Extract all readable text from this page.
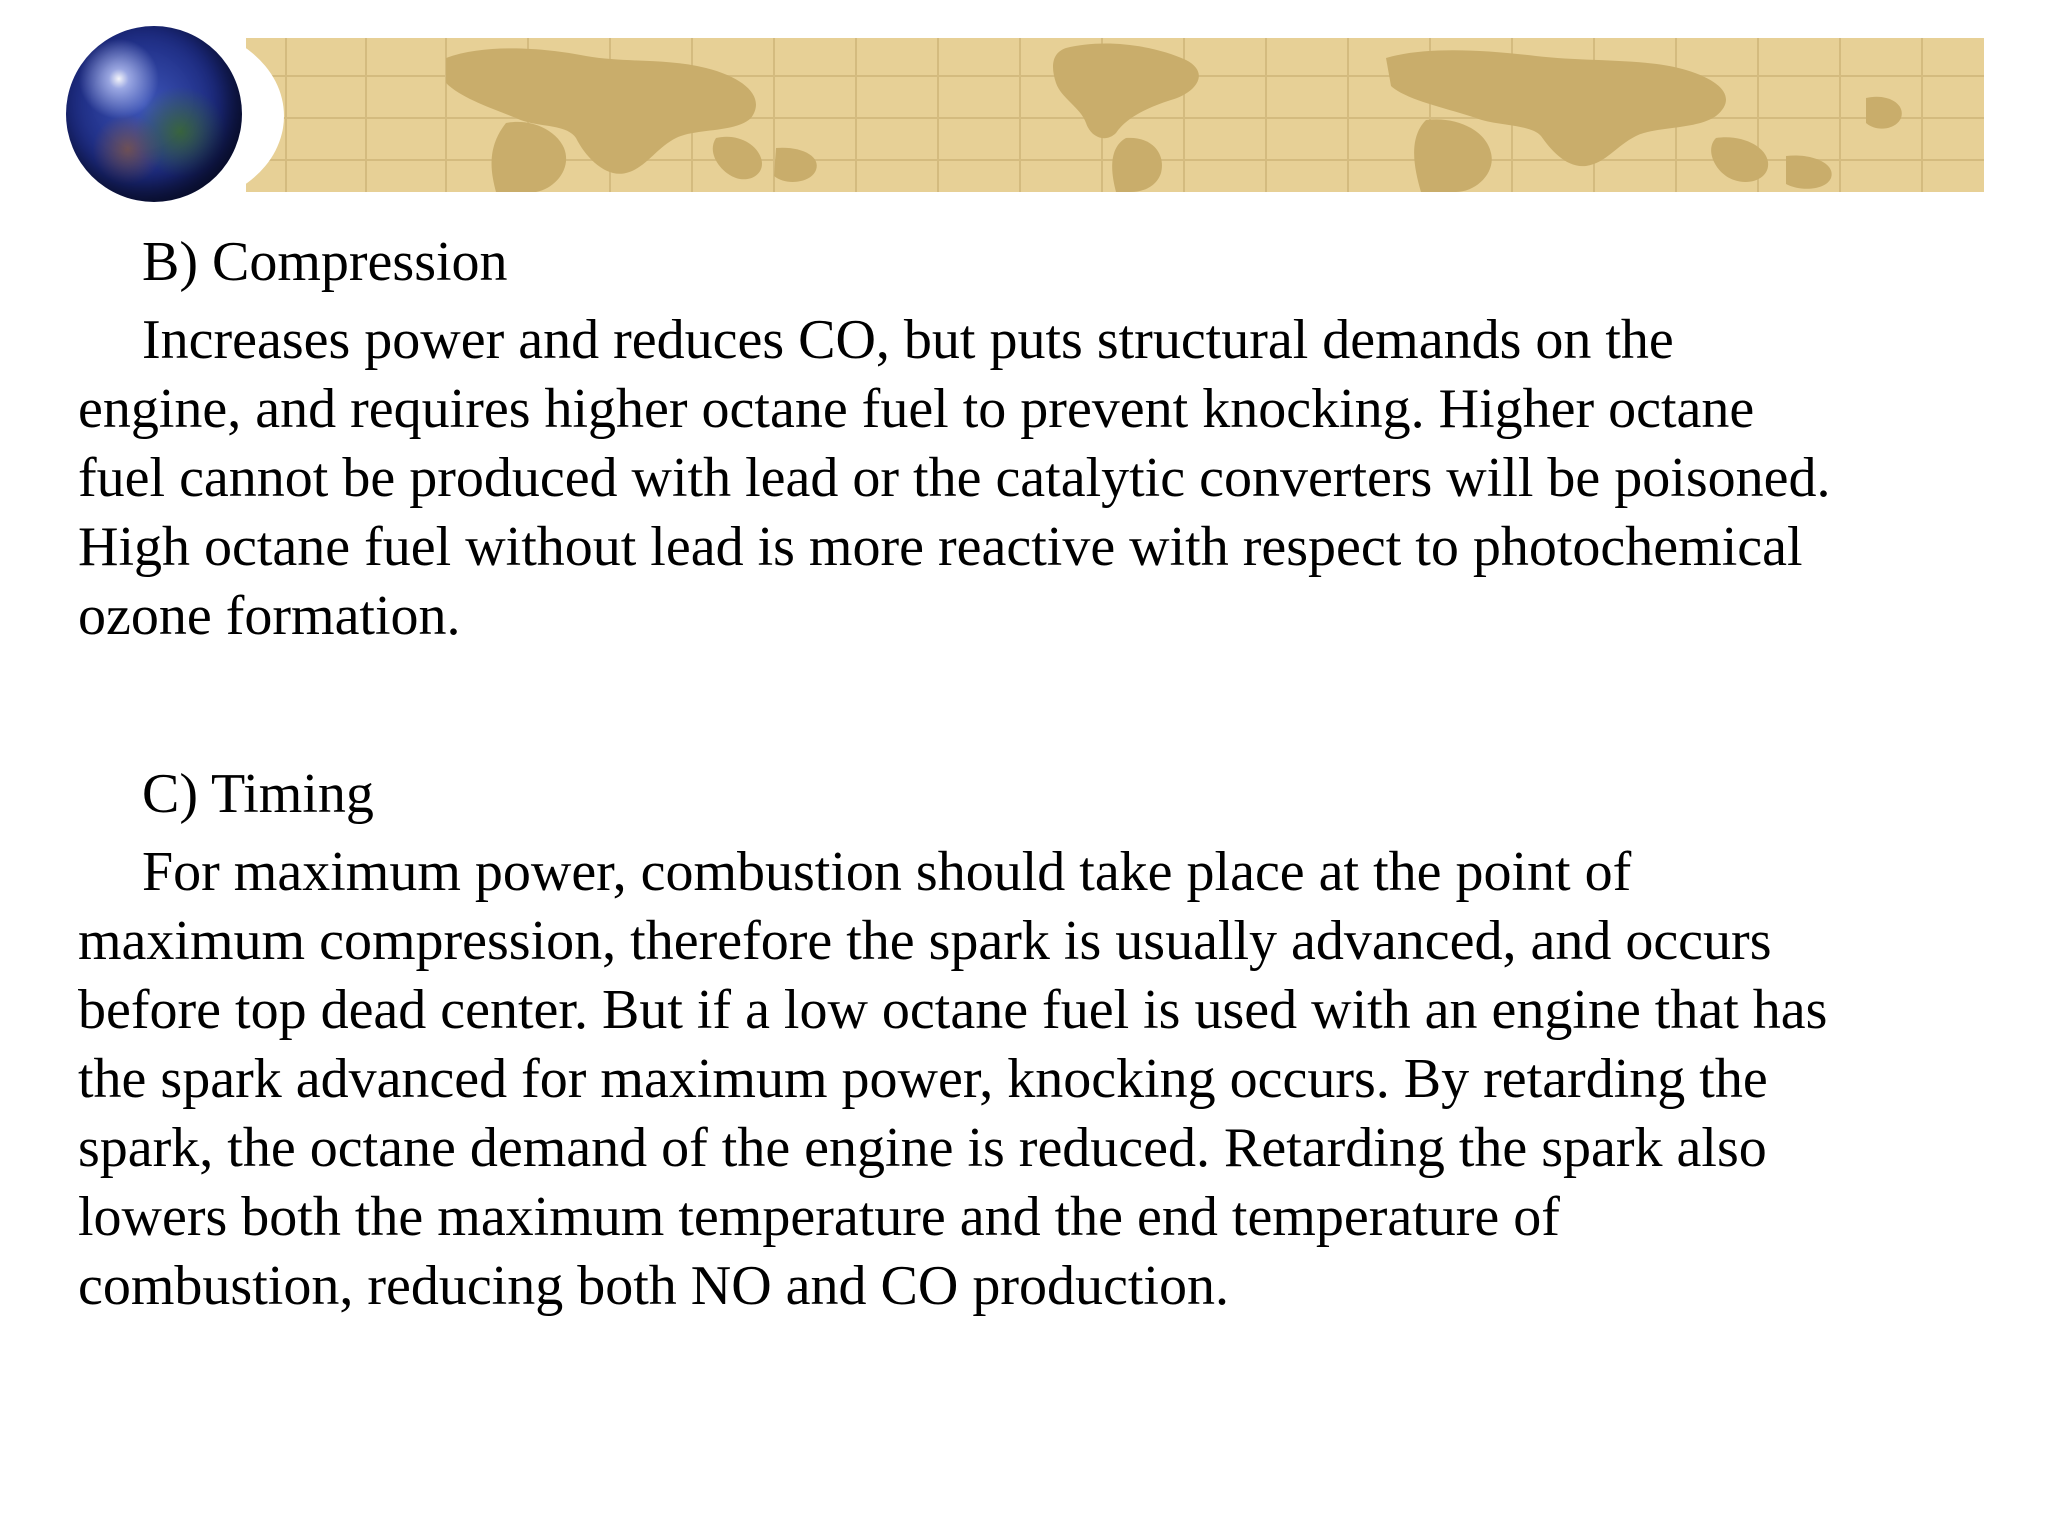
B) Compression

Increases power and reduces CO, but puts structural demands on the
engine, and requires higher octane fuel to prevent knocking. Higher octane
fuel cannot be produced with lead or the catalytic converters will be poisoned.
High octane fuel without lead is more reactive with respect to photochemical
ozone formation.

C) Timing

For maximum power, combustion should take place at the point of
maximum compression, therefore the spark is usually advanced, and occurs
before top dead center. But if a low octane fuel is used with an engine that has
the spark advanced for maximum power, knocking occurs. By retarding the
spark, the octane demand of the engine is reduced. Retarding the spark also
lowers both the maximum temperature and the end temperature of
combustion, reducing both NO and CO production.
